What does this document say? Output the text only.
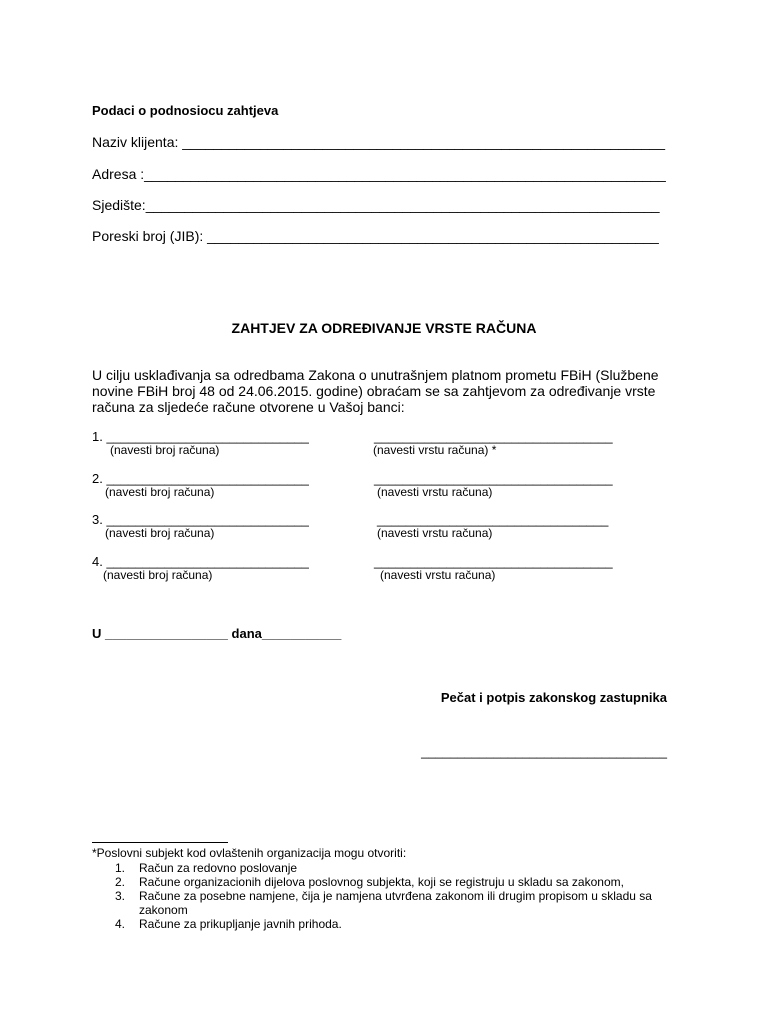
Podaci o podnosiocu zahtjeva
Naziv klijenta: ______________________________________________________________
Adresa :___________________________________________________________________
Sjedište:__________________________________________________________________
Poreski broj (JIB): __________________________________________________________
ZAHTJEV ZA ODREĐIVANJE VRSTE RAČUNA
U cilju usklađivanja sa odredbama Zakona o unutrašnjem platnom prometu FBiH (Službene
novine FBiH broj 48 od 24.06.2015. godine) obraćam se sa zahtjevom za određivanje vrste
računa za sljedeće račune otvorene u Vašoj banci:
1. ____________________________	_________________________________
(navesti broj računa)	(navesti vrstu računa) *
2. ____________________________	_________________________________
(navesti broj računa)	(navesti vrstu računa)
3. ____________________________	________________________________
(navesti broj računa)	(navesti vrstu računa)
4. ____________________________	_________________________________
(navesti broj računa)	(navesti vrstu računa)
U _________________ dana___________
Pečat i potpis zakonskog zastupnika
__________________________________
*Poslovni subjekt kod ovlaštenih organizacija mogu otvoriti:
1. Račun za redovno poslovanje
2. Račune organizacionih dijelova poslovnog subjekta, koji se registruju u skladu sa zakonom,
3. Račune za posebne namjene, čija je namjena utvrđena zakonom ili drugim propisom u skladu sa zakonom
4. Račune za prikupljanje javnih prihoda.
